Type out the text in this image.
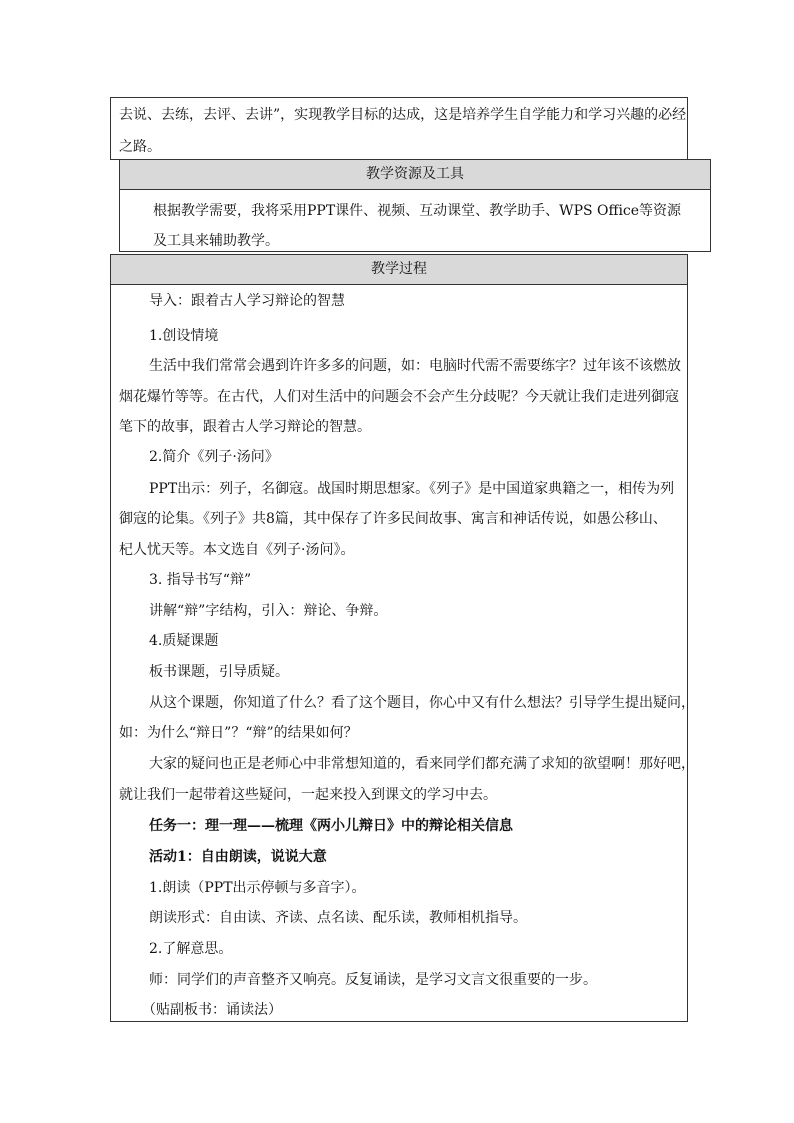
去说、去练，去评、去讲”，实现教学目标的达成，这是培养学生自学能力和学习兴趣的必经
之路。
教学资源及工具
根据教学需要，我将采用PPT课件、视频、互动课堂、教学助手、WPS Office等资源
及工具来辅助教学。
教学过程
导入：跟着古人学习辩论的智慧
1.创设情境
生活中我们常常会遇到许许多多的问题，如：电脑时代需不需要练字？过年该不该燃放
烟花爆竹等等。在古代，人们对生活中的问题会不会产生分歧呢？今天就让我们走进列御寇
笔下的故事，跟着古人学习辩论的智慧。
2.简介《列子·汤问》
PPT出示：列子，名御寇。战国时期思想家。《列子》是中国道家典籍之一，相传为列
御寇的论集。《列子》共8篇，其中保存了许多民间故事、寓言和神话传说，如愚公移山、
杞人忧天等。本文选自《列子·汤问》。
3. 指导书写“辩”
讲解“辩”字结构，引入：辩论、争辩。
4.质疑课题
板书课题，引导质疑。
从这个课题，你知道了什么？看了这个题目，你心中又有什么想法？引导学生提出疑问，
如：为什么“辩日”？“辩”的结果如何？
大家的疑问也正是老师心中非常想知道的，看来同学们都充满了求知的欲望啊！那好吧，
就让我们一起带着这些疑问，一起来投入到课文的学习中去。
任务一：理一理——梳理《两小儿辩日》中的辩论相关信息
活动1：自由朗读，说说大意
1.朗读（PPT出示停顿与多音字）。
朗读形式：自由读、齐读、点名读、配乐读，教师相机指导。
2.了解意思。
师：同学们的声音整齐又响亮。反复诵读，是学习文言文很重要的一步。
（贴副板书：诵读法）
